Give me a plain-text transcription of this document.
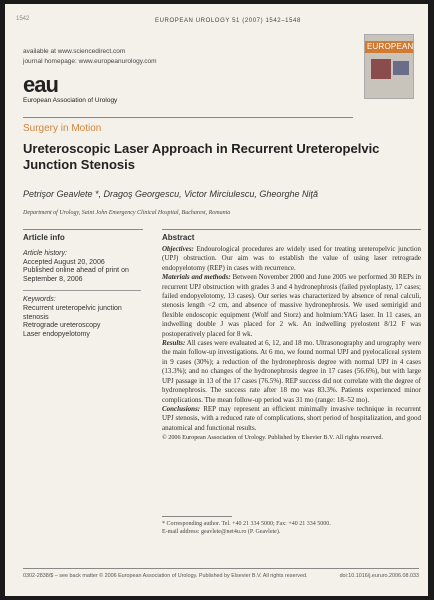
1542	EUROPEAN UROLOGY 51 (2007) 1542–1548
EUROPEAN
available at www.sciencedirect.com
journal homepage: www.europeanurology.com
eau
European Association of Urology
Surgery in Motion
Ureteroscopic Laser Approach in Recurrent Ureteropelvic Junction Stenosis
Petrişor Geavlete *, Dragoş Georgescu, Victor Mirciulescu, Gheorghe Niţă
Department of Urology, Saint John Emergency Clinical Hospital, Bucharest, Romania
Article info	Abstract
Article history:
Accepted August 20, 2006
Published online ahead of print on September 8, 2006
Keywords:
Recurrent ureteropelvic junction stenosis
Retrograde ureteroscopy
Laser endopyelotomy

Objectives: Endourological procedures are widely used for treating ureteropelvic junction (UPJ) obstruction. Our aim was to establish the value of using laser retrograde endopyelotomy (REP) in cases with recurrence.

Materials and methods: Between November 2000 and June 2005 we performed 30 REPs in recurrent UPJ obstruction with grades 3 and 4 hydronephrosis (failed pyeloplasty, 17 cases; failed endopyelotomy, 13 cases). Our series was characterized by absence of renal calculi, stenosis length <2 cm, and absence of massive hydronephrosis. We used semirigid and flexible endoscopic equipment (Wolf and Storz) and holmium:YAG laser. In 11 cases, an indwelling double J was placed for 2 wk. An indwelling pyelostent 8/12 F was postoperatively placed for 8 wk.

Results: All cases were evaluated at 6, 12, and 18 mo. Ultrasonography and urography were the main follow-up investigations. At 6 mo, we found normal UPJ and pyelocaliceal system in 9 cases (30%); a reduction of the hydronephrosis degree with normal UPJ in 4 cases (13.3%); and no changes of the hydronephrosis degree in 17 cases (56.6%), but with large UPJ passage in 13 of the 17 cases (76.5%). REP success did not correlate with the degree of hydronephrosis. The success rate after 18 mo was 83.3%. Patients experienced minor complications. The mean follow-up period was 31 mo (range: 18–52 mo).

Conclusions: REP may represent an efficient minimally invasive technique in recurrent UPJ stenosis, with a reduced rate of complications, short period of hospitalization, and good anatomical and functional results.

© 2006 European Association of Urology. Published by Elsevier B.V. All rights reserved.

* Corresponding author. Tel. +40 21 334 5000; Fax: +40 21 334 5000.
E-mail address: geavlete@net4u.ro (P. Geavlete).
0302-2838/$ – see back matter © 2006 European Association of Urology. Published by Elsevier B.V. All rights reserved.	doi:10.1016/j.eururo.2006.08.033
